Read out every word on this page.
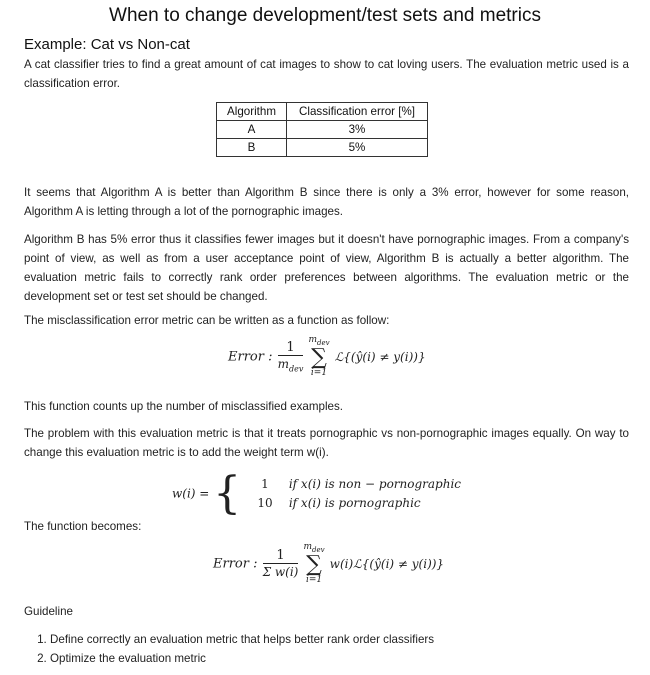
When to change development/test sets and metrics
Example: Cat vs Non-cat

A cat classifier tries to find a great amount of cat images to show to cat loving users. The evaluation metric used is a classification error.

Algorithm	Classification error [%]
A	3%
B	5%

It seems that Algorithm A is better than Algorithm B since there is only a 3% error, however for some reason, Algorithm A is letting through a lot of the pornographic images.

Algorithm B has 5% error thus it classifies fewer images but it doesn't have pornographic images. From a company's point of view, as well as from a user acceptance point of view, Algorithm B is actually a better algorithm. The evaluation metric fails to correctly rank order preferences between algorithms. The evaluation metric or the development set or test set should be changed.

The misclassification error metric can be written as a function as follow:

Error : $\frac{1}{m_{dev}}$

$m_{dev}$
∑
i=1
ℒ{(ŷ(i) ≠ y(i))}

This function counts up the number of misclassified examples.

The problem with this evaluation metric is that it treats pornographic vs non-pornographic images equally. On way to change this evaluation metric is to add the weight term w(i).

w(i) = {	1 if x(i) is non − pornographic
10 if x(i) is pornographic

The function becomes:

Error : $\frac{1}{\text{Σ w(i)}}$

$m_{dev}$
∑
i=1
w(i)ℒ{(ŷ(i) ≠ y(i))}

Guideline

1. Define correctly an evaluation metric that helps better rank order classifiers
2. Optimize the evaluation metric
